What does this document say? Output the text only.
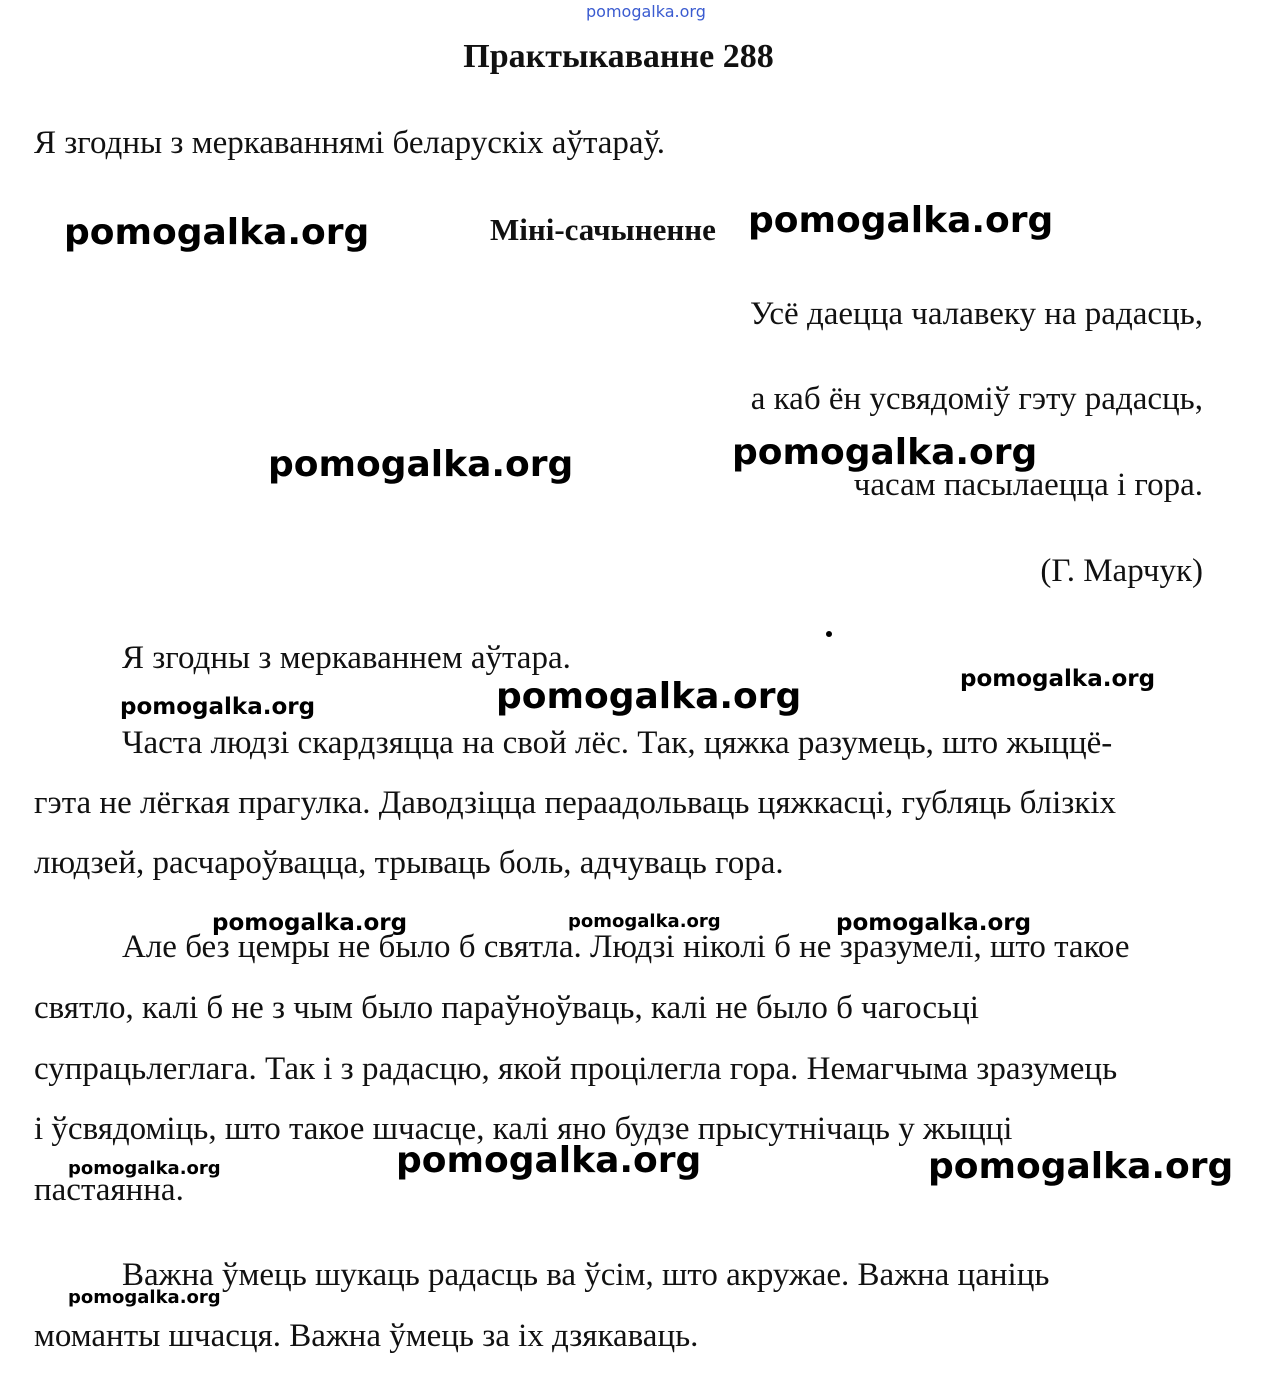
pomogalka.org
Практыкаванне 288
Я згодны з меркаваннямі беларускіх аўтараў.
Міні-сачыненне
Усё даецца чалавеку на радасць,
а каб ён усвядоміў гэту радасць,
часам пасылаецца і гора.
(Г. Марчук)
Я згодны з меркаваннем аўтара.
Часта людзі скардзяцца на свой лёс. Так, цяжка разумець, што жыццё-
гэта не лёгкая прагулка. Даводзіцца пераадольваць цяжкасці, губляць блізкіх
людзей, расчароўвацца, трываць боль, адчуваць гора.
Але без цемры не было б святла. Людзі ніколі б не зразумелі, што такое
святло, калі б не з чым было параўноўваць, калі не было б чагосьці
супрацьлеглага. Так і з радасцю, якой процілегла гора. Немагчыма зразумець
і ўсвядоміць, што такое шчасце, калі яно будзе прысутнічаць у жыцці
пастаянна.
Важна ўмець шукаць радасць ва ўсім, што акружае. Важна цаніць
моманты шчасця. Важна ўмець за іх дзякаваць.
pomogalka.org	pomogalka.org
pomogalka.org	pomogalka.org
pomogalka.org	pomogalka.org
pomogalka.org
pomogalka.org	pomogalka.org	pomogalka.org
pomogalka.org	pomogalka.org	pomogalka.org
pomogalka.org
